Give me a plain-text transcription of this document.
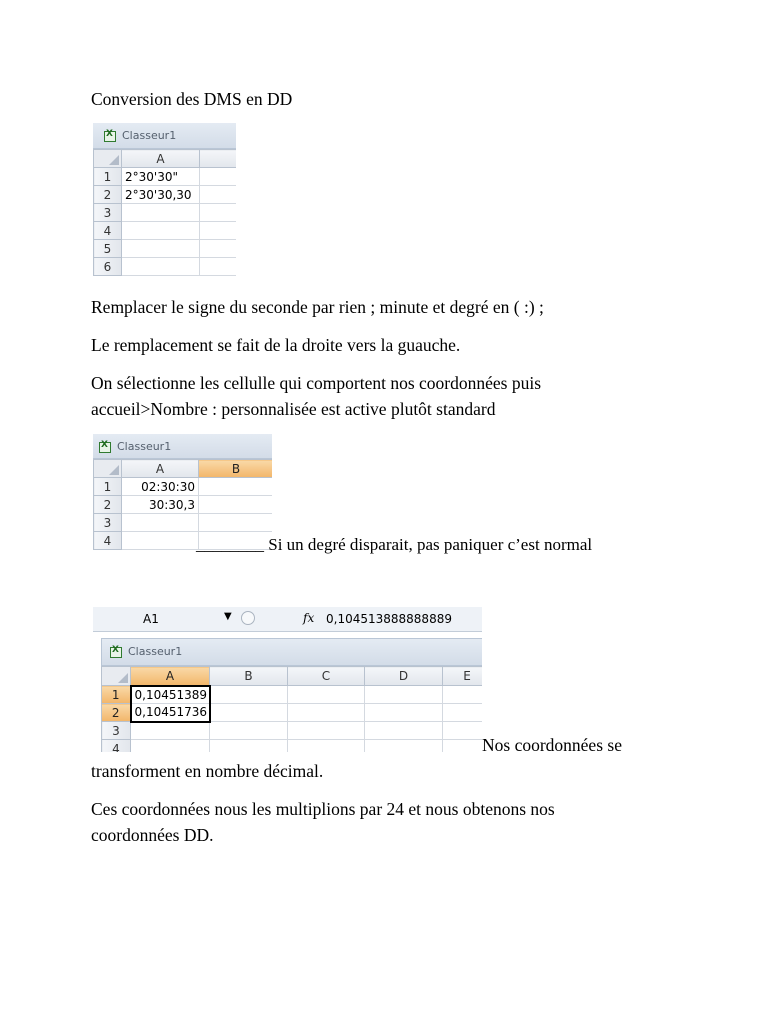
Conversion des DMS en DD

X
Classeur1
	A	
1	2°30'30"	
2	2°30'30,30	
3		
4		
5		
6		

Remplacer le signe du seconde par rien ; minute et degré en ( :) ;

Le remplacement se fait de la droite vers la guauche.

On sélectionne les cellulle qui comportent nos coordonnées puis

accueil>Nombre : personnalisée est active plutôt standard

X
Classeur1
	A	B
1	02:30:30	
2	30:30,3	
3		
4			________ Si un degré disparait, pas paniquer c’est normal

A1	▼	fx 0,104513888888889
X
Classeur1
	A	B	C	D	E
1	0,10451389				
2	0,10451736				
3					
4						Nos coordonnées se

transforment en nombre décimal.

Ces coordonnées nous les multiplions par 24 et nous obtenons nos

coordonnées DD.
